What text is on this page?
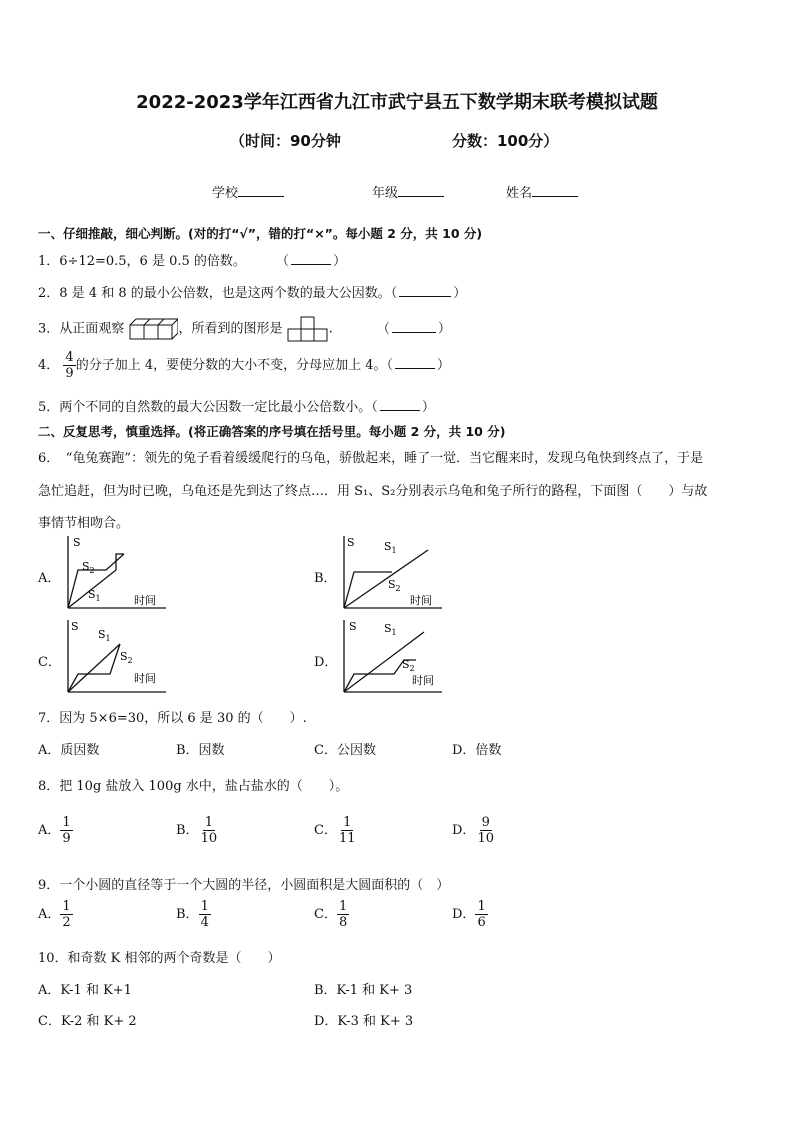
2022-2023学年江西省九江市武宁县五下数学期末联考模拟试题
（时间：90分钟	分数：100分）
学校	年级	姓名
一、仔细推敲，细心判断。(对的打“√”，错的打“×”。每小题 2 分，共 10 分)
1．6÷12=0.5，6 是 0.5 的倍数。 （	）
2．8 是 4 和 8 的最小公倍数，也是这两个数的最大公因数。（	）
3．从正面观察	，所看到的图形是	.	（	）
4． $\frac{4}{9}$ 的分子加上 4，要使分数的大小不变，分母应加上 4。（	）
5．两个不同的自然数的最大公因数一定比最小公倍数小。（	）
二、反复思考，慎重选择。(将正确答案的序号填在括号里。每小题 2 分，共 10 分)
6．　“龟兔赛跑”：领先的兔子看着缓缓爬行的乌龟，骄傲起来，睡了一觉．当它醒来时，发现乌龟快到终点了，于是
急忙追赶，但为时已晚，乌龟还是先到达了终点…．用 S₁、S₂分别表示乌龟和兔子所行的路程，下面图（　　）与故
事情节相吻合。
A．	B．
C．	D．
S
时间
$S_2$
$S_1$
S
时间
$S_1$
$S_2$
S
时间
$S_1$
$S_2$
S
时间
$S_1$
$S_2$
7．因为 5×6=30，所以 6 是 30 的（　　）.
A．质因数	B．因数	C．公因数	D．倍数
8．把 10g 盐放入 100g 水中，盐占盐水的（　　）。
A． $\frac{1}{9}$	B． $\frac{1}{10}$	C． $\frac{1}{11}$	D． $\frac{9}{10}$
9．一个小圆的直径等于一个大圆的半径，小圆面积是大圆面积的（　）
A． $\frac{1}{2}$	B． $\frac{1}{4}$	C． $\frac{1}{8}$	D． $\frac{1}{6}$
10．和奇数 K 相邻的两个奇数是（　　）
A．K-1 和 K+1	B．K-1 和 K+ 3
C．K-2 和 K+ 2	D．K-3 和 K+ 3
